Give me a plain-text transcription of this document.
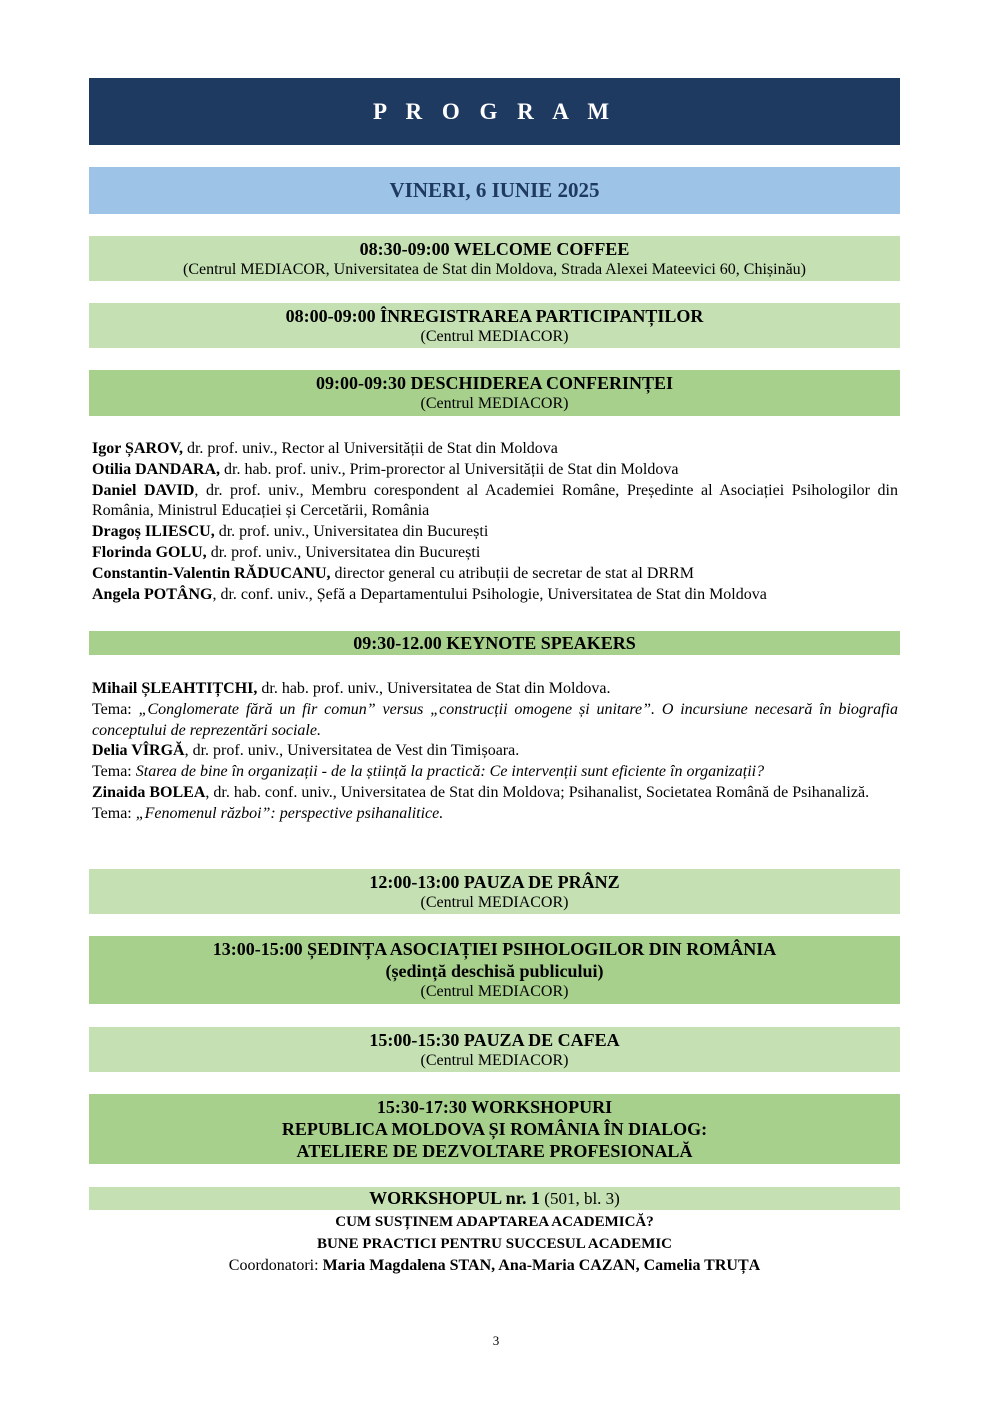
P R O G R A M
VINERI, 6 IUNIE 2025
08:30-09:00 WELCOME COFFEE
(Centrul MEDIACOR, Universitatea de Stat din Moldova, Strada Alexei Mateevici 60, Chișinău)
08:00-09:00 ÎNREGISTRAREA PARTICIPANȚILOR
(Centrul MEDIACOR)
09:00-09:30 DESCHIDEREA CONFERINȚEI
(Centrul MEDIACOR)

Igor ȘAROV, dr. prof. univ., Rector al Universității de Stat din Moldova

Otilia DANDARA, dr. hab. prof. univ., Prim-prorector al Universității de Stat din Moldova

Daniel DAVID, dr. prof. univ., Membru corespondent al Academiei Române, Președinte al Asociației Psihologilor din România, Ministrul Educației și Cercetării, România

Dragoș ILIESCU, dr. prof. univ., Universitatea din București

Florinda GOLU, dr. prof. univ., Universitatea din București

Constantin-Valentin RĂDUCANU, director general cu atribuții de secretar de stat al DRRM

Angela POTÂNG, dr. conf. univ., Șefă a Departamentului Psihologie, Universitatea de Stat din Moldova

09:30-12.00 KEYNOTE SPEAKERS

Mihail ȘLEAHTIȚCHI, dr. hab. prof. univ., Universitatea de Stat din Moldova.

Tema: „Conglomerate fără un fir comun” versus „construcții omogene și unitare”. O incursiune necesară în biografia conceptului de reprezentări sociale.

Delia VÎRGĂ, dr. prof. univ., Universitatea de Vest din Timișoara.

Tema: Starea de bine în organizații - de la știință la practică: Ce intervenții sunt eficiente în organizații?

Zinaida BOLEA, dr. hab. conf. univ., Universitatea de Stat din Moldova; Psihanalist, Societatea Română de Psihanaliză.

Tema: „Fenomenul război”: perspective psihanalitice.

12:00-13:00 PAUZA DE PRÂNZ
(Centrul MEDIACOR)
13:00-15:00 ȘEDINȚA ASOCIAȚIEI PSIHOLOGILOR DIN ROMÂNIA
(ședință deschisă publicului)
(Centrul MEDIACOR)
15:00-15:30 PAUZA DE CAFEA
(Centrul MEDIACOR)
15:30-17:30 WORKSHOPURI
REPUBLICA MOLDOVA ȘI ROMÂNIA ÎN DIALOG:
ATELIERE DE DEZVOLTARE PROFESIONALĂ
WORKSHOPUL nr. 1 (501, bl. 3)
CUM SUSȚINEM ADAPTAREA ACADEMICĂ?
BUNE PRACTICI PENTRU SUCCESUL ACADEMIC
Coordonatori: Maria Magdalena STAN, Ana-Maria CAZAN, Camelia TRUȚA
3
